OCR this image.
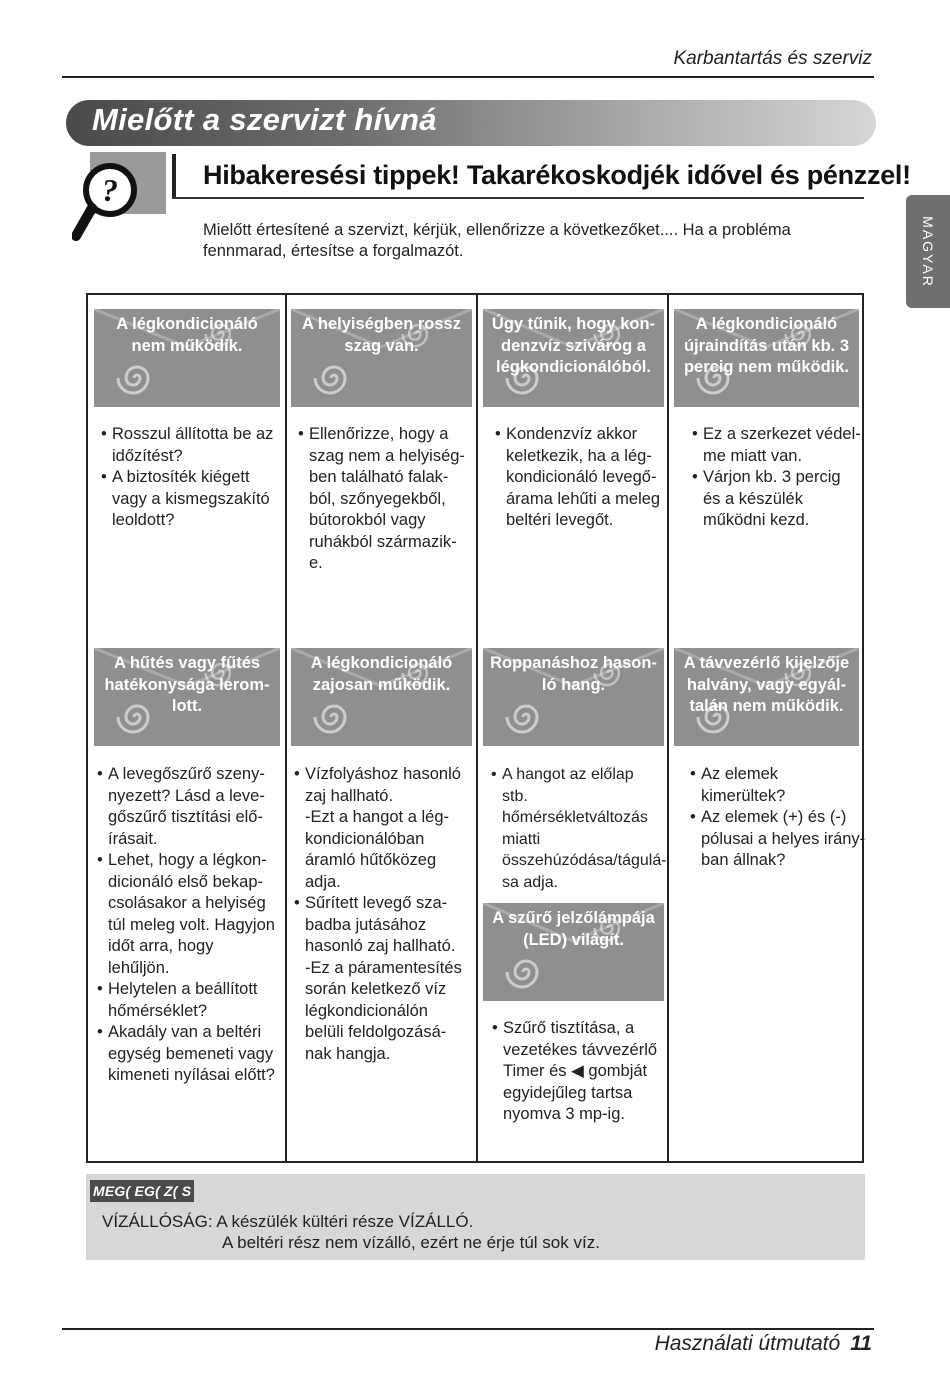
Karbantartás és szerviz
Mielőtt a szervizt hívná
MAGYAR
?	Hibakeresési tippek! Takarékoskodjék idővel és pénzzel!
Mielőtt értesítené a szervizt, kérjük, ellenőrizze a következőket.... Ha a probléma fennmarad, értesítse a forgalmazót.
A légkondicionáló nem működik.
A helyiségben rossz szag van.
Úgy tűnik, hogy kon-denzvíz szivárog a légkondicionálóból.
A légkondicionáló újraindítás után kb. 3 percig nem működik.
• Rosszul állította be az időzítést?
• A biztosíték kiégett vagy a kismegszakító leoldott?
• Ellenőrizze, hogy a szag nem a helyiség-ben található falak-ból, szőnyegekből, bútorokból vagy ruhákból származik-e.
• Kondenzvíz akkor keletkezik, ha a lég-kondicionáló levegő-árama lehűti a meleg beltéri levegőt.
• Ez a szerkezet védel-me miatt van.
• Várjon kb. 3 percig és a készülék működni kezd.
A hűtés vagy fűtés hatékonysága lerom-lott.
A légkondicionáló zajosan működik.
Roppanáshoz hason-ló hang.
A távvezérlő kijelzője halvány, vagy egyál-talán nem működik.
• A levegőszűrő szeny-nyezett? Lásd a leve-gőszűrő tisztítási elő-írásait.
• Lehet, hogy a légkon-dicionáló első bekap-csolásakor a helyiség túl meleg volt. Hagyjon időt arra, hogy lehűljön.
• Helytelen a beállított hőmérséklet?
• Akadály van a beltéri egység bemeneti vagy kimeneti nyílásai előtt?
• Vízfolyáshoz hasonló zaj hallható.
-Ezt a hangot a lég-kondicionálóban áramló hűtőközeg adja.
• Sűrített levegő sza-badba jutásához hasonló zaj hallható.
-Ez a páramentesítés során keletkező víz légkondicionálón belüli feldolgozásá-nak hangja.
• A hangot az előlap stb. hőmérsékletváltozás miatti összehúzódása/tágulá-sa adja.
• Az elemek kimerültek?
• Az elemek (+) és (-) pólusai a helyes irány-ban állnak?
A szűrő jelzőlámpája (LED) világít.
• Szűrő tisztítása, a vezetékes távvezérlő Timer és ◀ gombját egyidejűleg tartsa nyomva 3 mp-ig.
MEG( EG( Z( S
VÍZÁLLÓSÁG: A készülék kültéri része VÍZÁLLÓ.
A beltéri rész nem vízálló, ezért ne érje túl sok víz.
Használati útmutató 11
